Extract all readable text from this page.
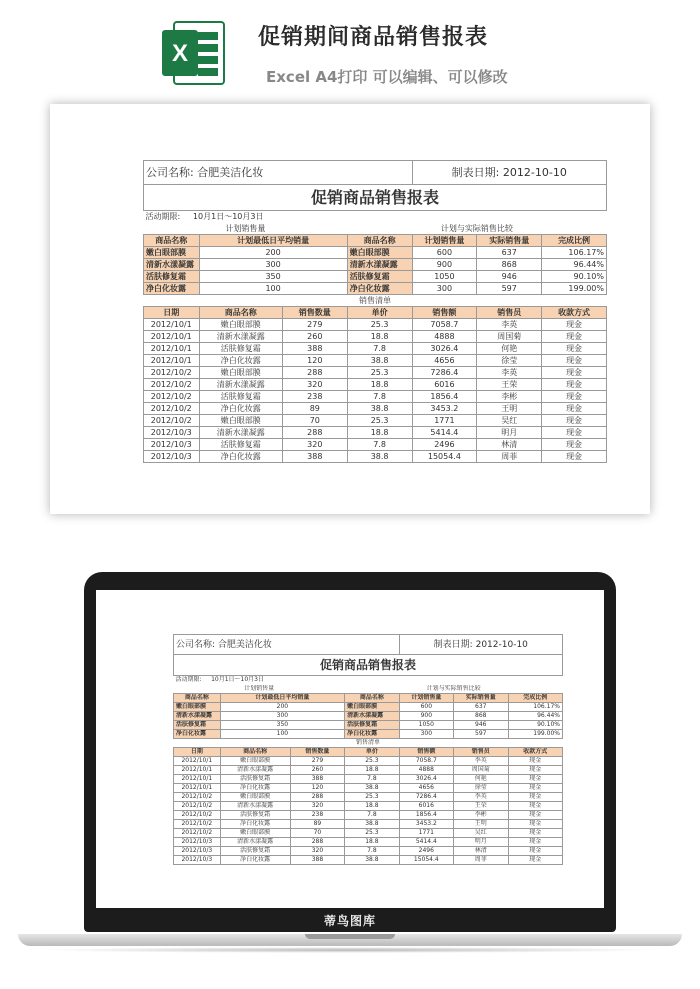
X
促销期间商品销售报表
Excel A4打印 可以编辑、可以修改
蒂鸟图库
公司名称: 合肥美洁化妆				制表日期: 2012-10-10		
促销商品销售报表						
活动期限: 10月1日～10月3日						
计划销售量			计划与实际销售比较			
商品名称	计划最低日平均销量		商品名称	计划销售量	实际销售量	完成比例
嫩白眼部膜	200		嫩白眼部膜	600	637	106.17%
清新水漾凝露	300		清新水漾凝露	900	868	96.44%
活肤修复霜	350		活肤修复霜	1050	946	90.10%
净白化妆露	100		净白化妆露	300	597	199.00%
销售清单						
日期	商品名称	销售数量	单价	销售额	销售员	收款方式
2012/10/1	嫩白眼部膜	279	25.3	7058.7	李英	现金
2012/10/1	清新水漾凝露	260	18.8	4888	周国菊	现金
2012/10/1	活肤修复霜	388	7.8	3026.4	何艳	现金
2012/10/1	净白化妆露	120	38.8	4656	徐莹	现金
2012/10/2	嫩白眼部膜	288	25.3	7286.4	李英	现金
2012/10/2	清新水漾凝露	320	18.8	6016	王荣	现金
2012/10/2	活肤修复霜	238	7.8	1856.4	李彬	现金
2012/10/2	净白化妆露	89	38.8	3453.2	王明	现金
2012/10/2	嫩白眼部膜	70	25.3	1771	吴红	现金
2012/10/3	清新水漾凝露	288	18.8	5414.4	明月	现金
2012/10/3	活肤修复霜	320	7.8	2496	林清	现金
2012/10/3	净白化妆露	388	38.8	15054.4	周菲	现金
公司名称: 合肥美洁化妆				制表日期: 2012-10-10		
促销商品销售报表						
活动期限: 10月1日～10月3日						
计划销售量			计划与实际销售比较			
商品名称	计划最低日平均销量		商品名称	计划销售量	实际销售量	完成比例
嫩白眼部膜	200		嫩白眼部膜	600	637	106.17%
清新水漾凝露	300		清新水漾凝露	900	868	96.44%
活肤修复霜	350		活肤修复霜	1050	946	90.10%
净白化妆露	100		净白化妆露	300	597	199.00%
销售清单						
日期	商品名称	销售数量	单价	销售额	销售员	收款方式
2012/10/1	嫩白眼部膜	279	25.3	7058.7	李英	现金
2012/10/1	清新水漾凝露	260	18.8	4888	周国菊	现金
2012/10/1	活肤修复霜	388	7.8	3026.4	何艳	现金
2012/10/1	净白化妆露	120	38.8	4656	徐莹	现金
2012/10/2	嫩白眼部膜	288	25.3	7286.4	李英	现金
2012/10/2	清新水漾凝露	320	18.8	6016	王荣	现金
2012/10/2	活肤修复霜	238	7.8	1856.4	李彬	现金
2012/10/2	净白化妆露	89	38.8	3453.2	王明	现金
2012/10/2	嫩白眼部膜	70	25.3	1771	吴红	现金
2012/10/3	清新水漾凝露	288	18.8	5414.4	明月	现金
2012/10/3	活肤修复霜	320	7.8	2496	林清	现金
2012/10/3	净白化妆露	388	38.8	15054.4	周菲	现金
